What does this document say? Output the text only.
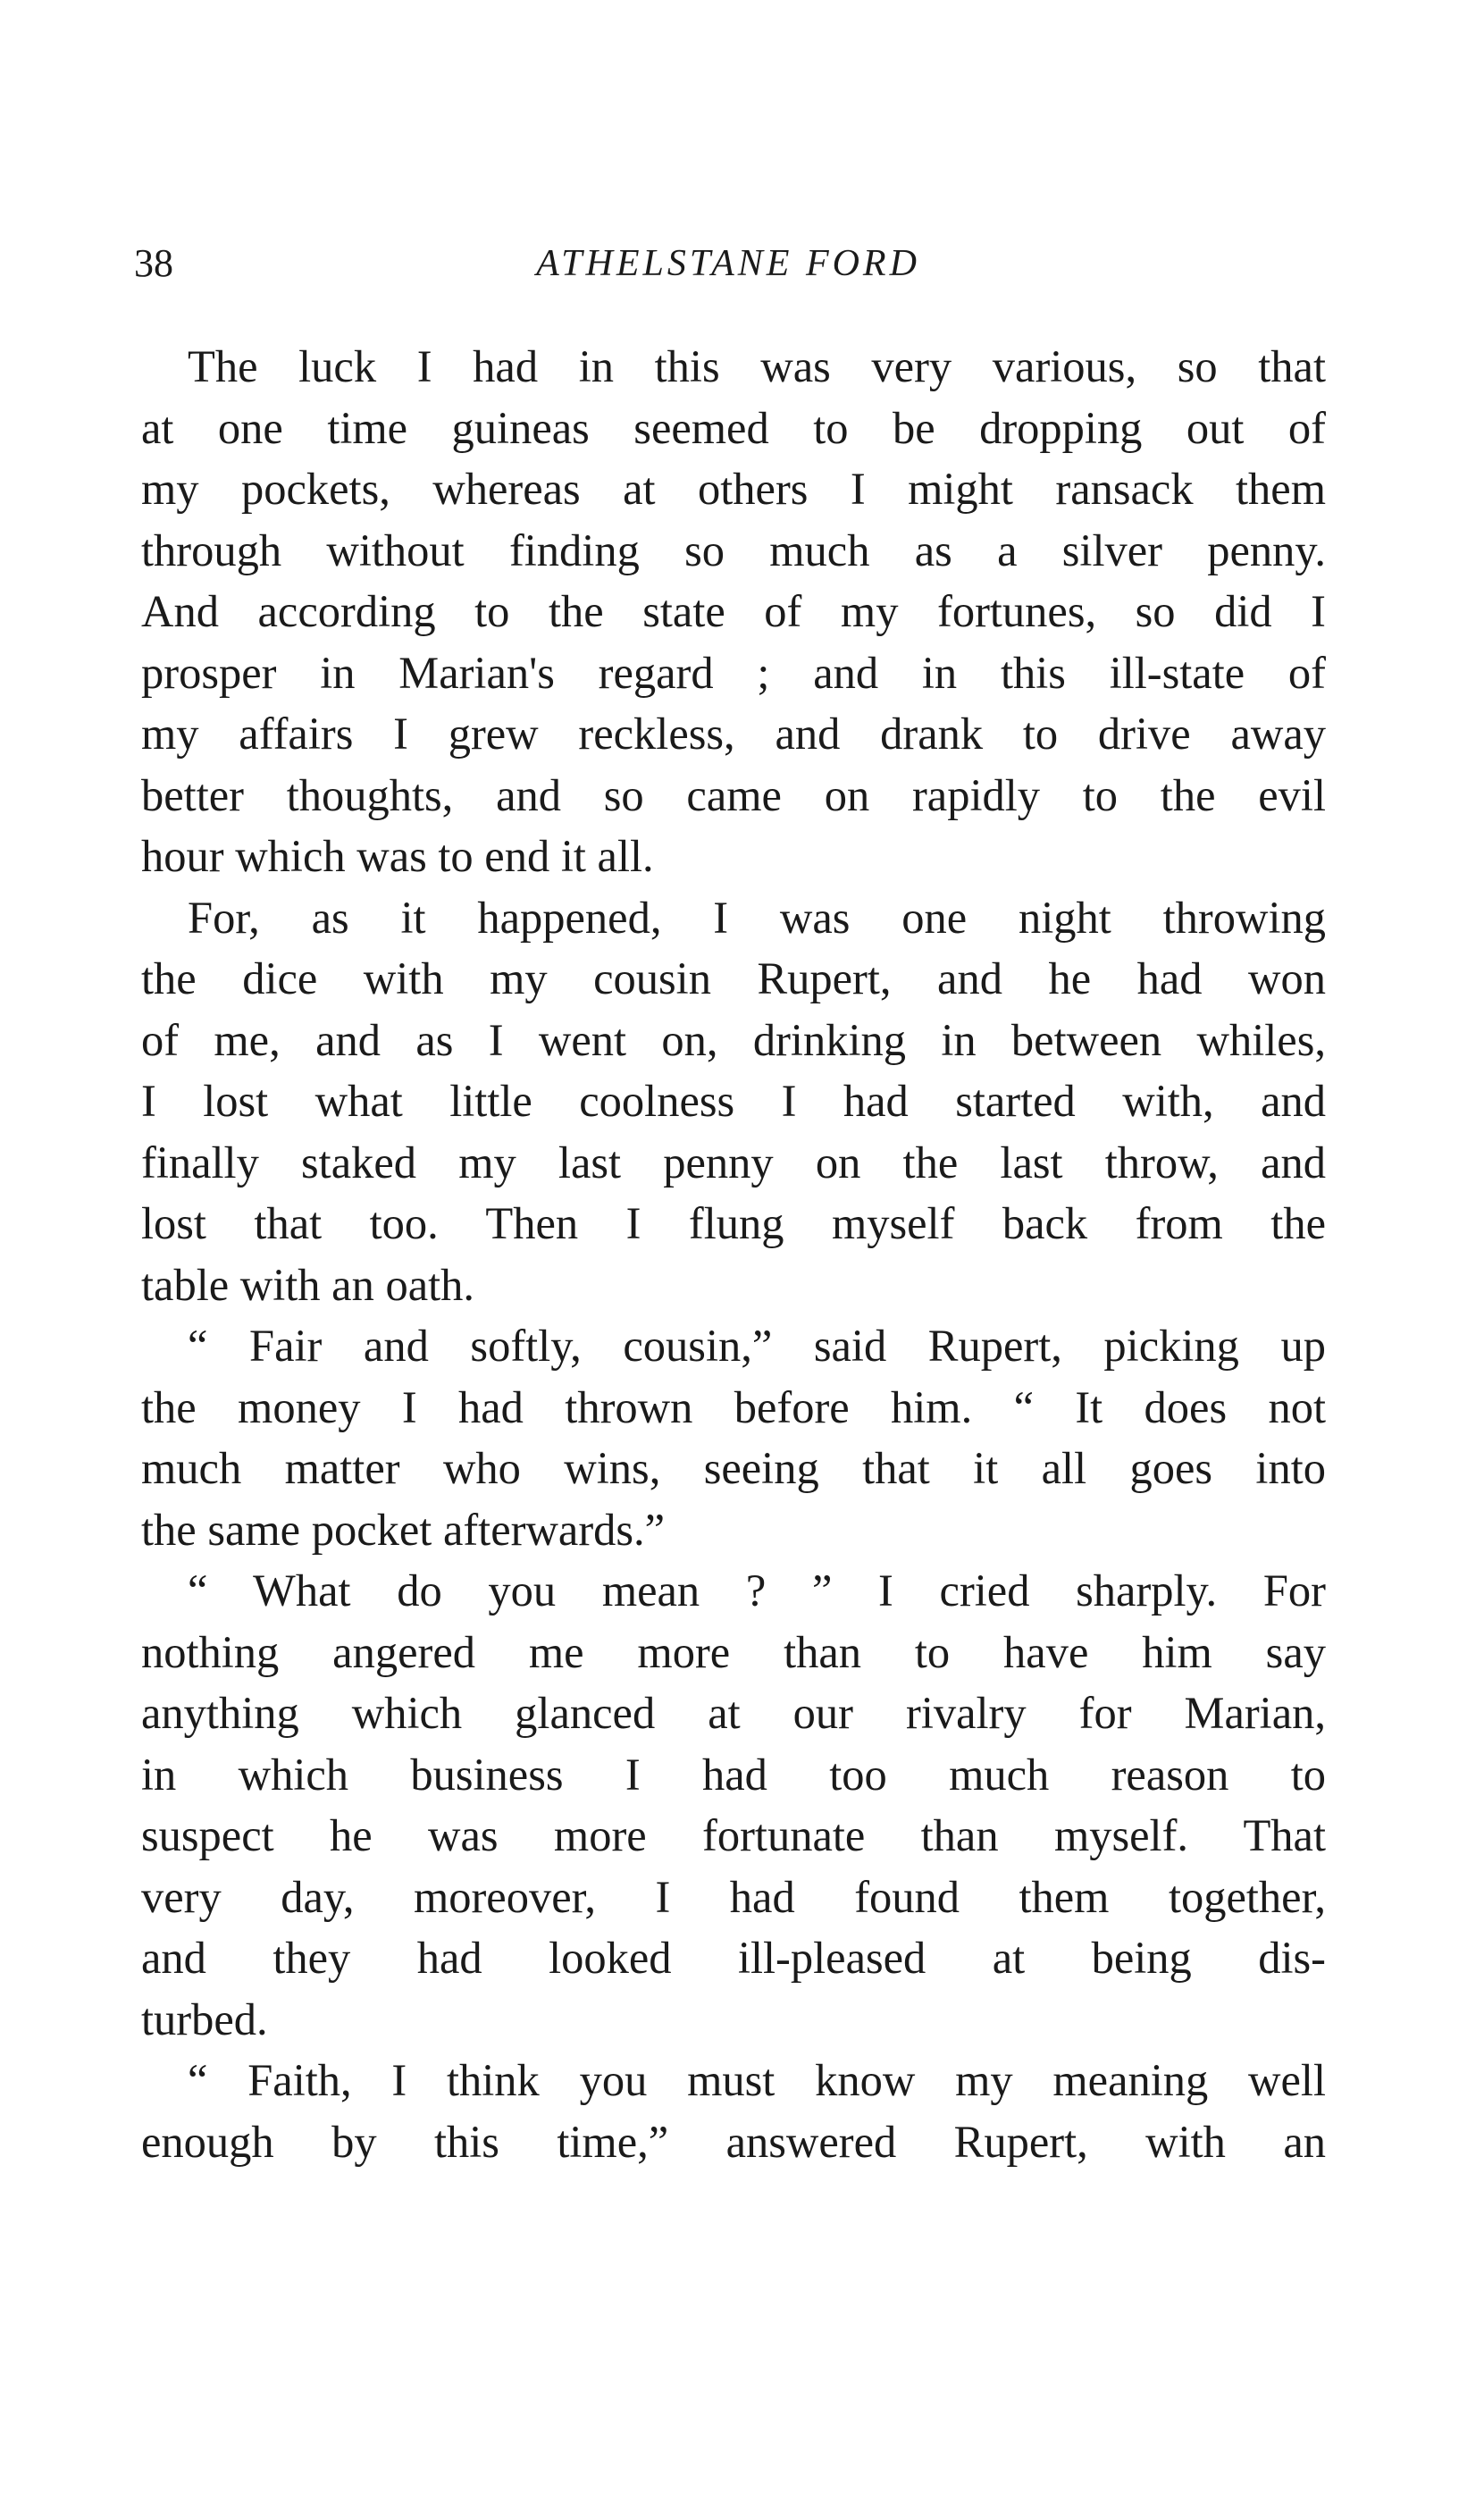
38	ATHELSTANE FORD
The luck I had in this was very various, so that
at one time guineas seemed to be dropping out of
my pockets, whereas at others I might ransack them
through without finding so much as a silver penny.
And according to the state of my fortunes, so did I
prosper in Marian's regard ; and in this ill-state of
my affairs I grew reckless, and drank to drive away
better thoughts, and so came on rapidly to the evil
hour which was to end it all.
For, as it happened, I was one night throwing
the dice with my cousin Rupert, and he had won
of me, and as I went on, drinking in between whiles,
I lost what little coolness I had started with, and
finally staked my last penny on the last throw, and
lost that too. Then I flung myself back from the
table with an oath.
“ Fair and softly, cousin,” said Rupert, picking up
the money I had thrown before him. “ It does not
much matter who wins, seeing that it all goes into
the same pocket afterwards.”
“ What do you mean ? ” I cried sharply. For
nothing angered me more than to have him say
anything which glanced at our rivalry for Marian,
in which business I had too much reason to
suspect he was more fortunate than myself. That
very day, moreover, I had found them together,
and they had looked ill-pleased at being dis-
turbed.
“ Faith, I think you must know my meaning well
enough by this time,” answered Rupert, with an
